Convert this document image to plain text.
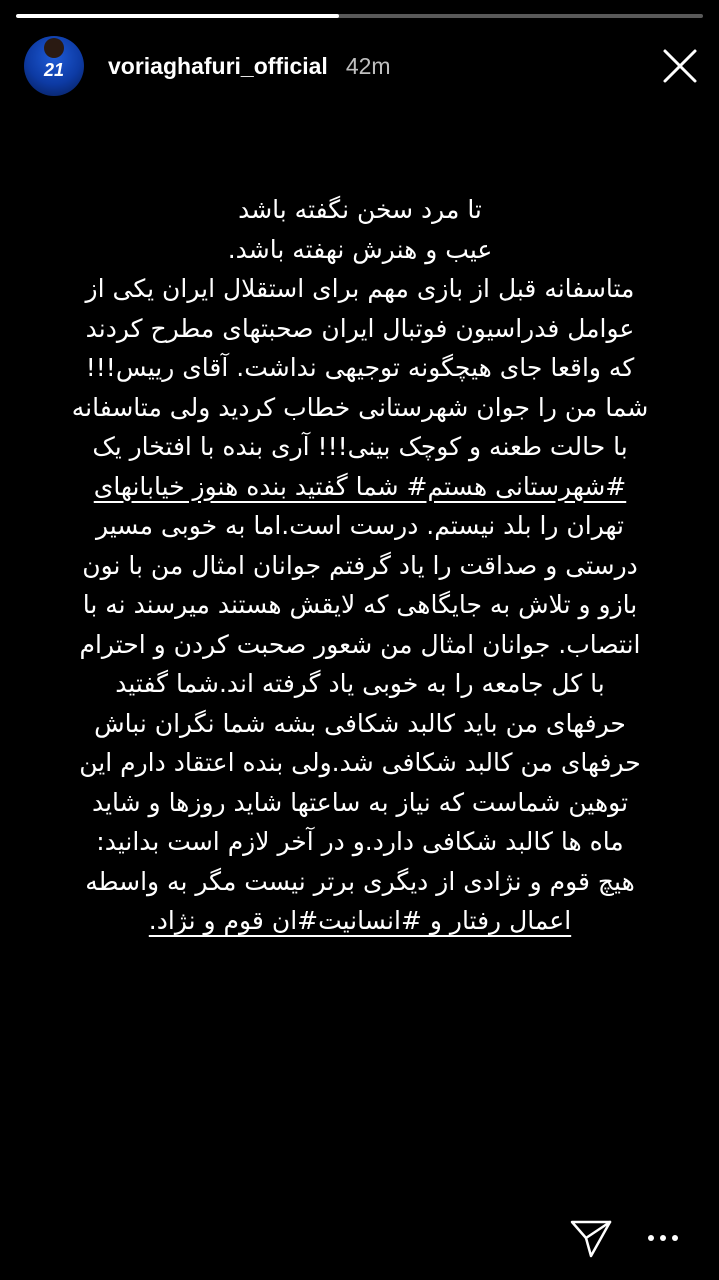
21	voriaghafuri_official 42m
تا مرد سخن نگفته باشد
عیب و هنرش نهفته باشد.
متاسفانه قبل از بازی مهم برای استقلال ایران یکی از
عوامل فدراسیون فوتبال ایران صحبتهای مطرح کردند
که واقعا جای هیچگونه توجیهی نداشت. آقای رییس!!!
شما من را جوان شهرستانی خطاب کردید ولی متاسفانه
با حالت طعنه و کوچک بینی!!! آری بنده با افتخار یک
#شهرستانی هستم# شما گفتید بنده هنوز خیابانهای
تهران را بلد نیستم. درست است.اما به خوبی مسیر
درستی و صداقت را یاد گرفتم جوانان امثال من با نون
بازو و تلاش به جایگاهی که لایقش هستند میرسند نه با
انتصاب. جوانان امثال من شعور صحبت کردن و احترام
با کل جامعه را به خوبی یاد گرفته اند.شما گفتید
حرفهای من باید کالبد شکافی بشه شما نگران نباش
حرفهای من کالبد شکافی شد.ولی بنده اعتقاد دارم این
توهین شماست که نیاز به ساعتها شاید روزها و شاید
ماه ها کالبد شکافی دارد.و در آخر لازم است بدانید:
هیچ قوم و نژادی از دیگری برتر نیست مگر به واسطه
اعمال رفتار و #انسانیت#ان قوم و نژاد.
